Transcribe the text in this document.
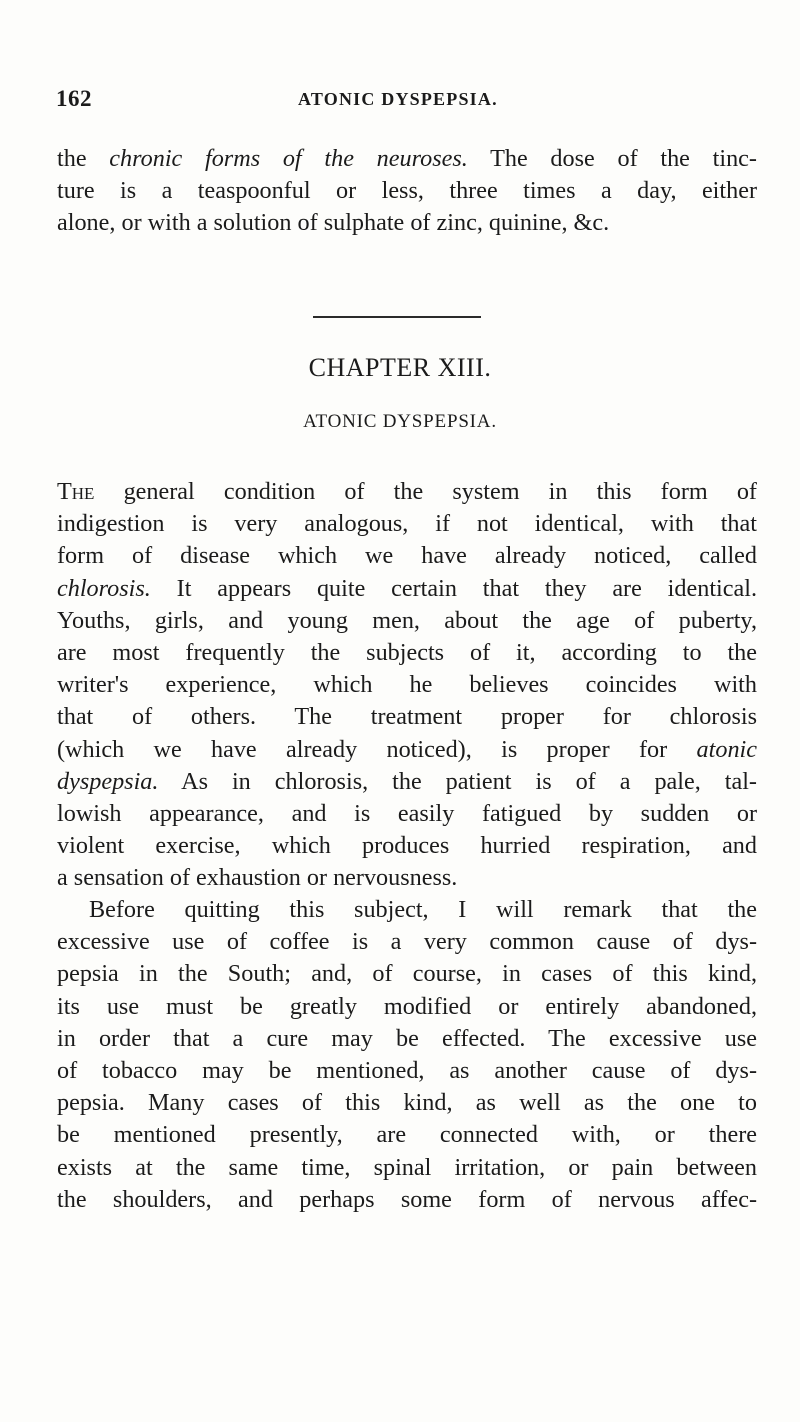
162	ATONIC DYSPEPSIA.
the chronic forms of the neuroses. The dose of the tinc-
ture is a teaspoonful or less, three times a day, either
alone, or with a solution of sulphate of zinc, quinine, &c.
CHAPTER XIII.
ATONIC DYSPEPSIA.
The general condition of the system in this form of
indigestion is very analogous, if not identical, with that
form of disease which we have already noticed, called
chlorosis. It appears quite certain that they are identical.
Youths, girls, and young men, about the age of puberty,
are most frequently the subjects of it, according to the
writer's experience, which he believes coincides with
that of others. The treatment proper for chlorosis
(which we have already noticed), is proper for atonic
dyspepsia. As in chlorosis, the patient is of a pale, tal-
lowish appearance, and is easily fatigued by sudden or
violent exercise, which produces hurried respiration, and
a sensation of exhaustion or nervousness.
Before quitting this subject, I will remark that the
excessive use of coffee is a very common cause of dys-
pepsia in the South; and, of course, in cases of this kind,
its use must be greatly modified or entirely abandoned,
in order that a cure may be effected. The excessive use
of tobacco may be mentioned, as another cause of dys-
pepsia. Many cases of this kind, as well as the one to
be mentioned presently, are connected with, or there
exists at the same time, spinal irritation, or pain between
the shoulders, and perhaps some form of nervous affec-
